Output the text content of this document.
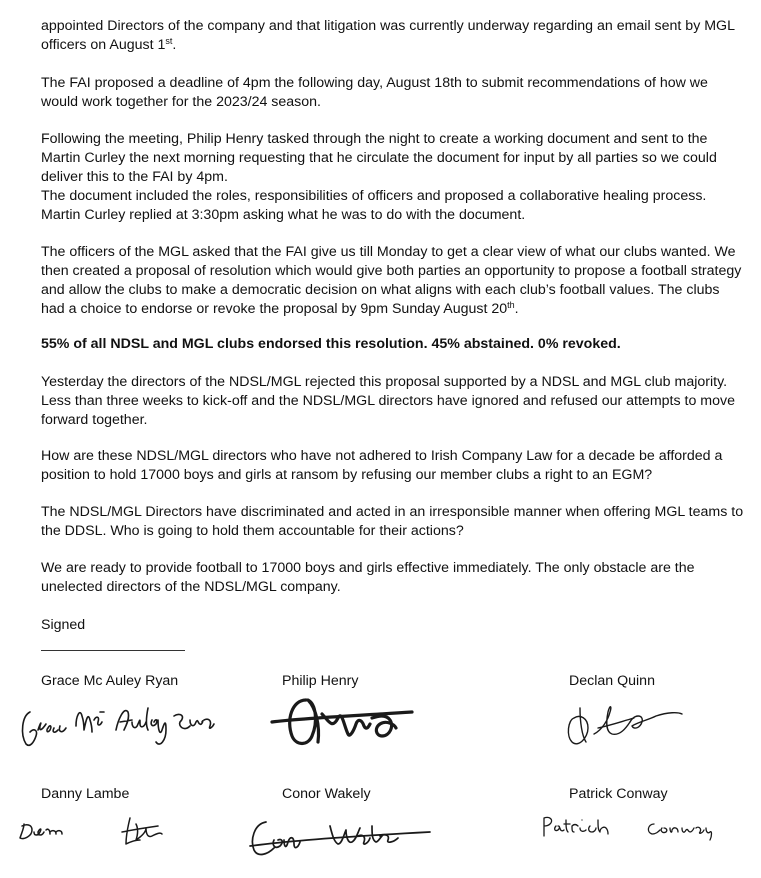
appointed Directors of the company and that litigation was currently underway regarding an email sent by MGL
officers on August 1st.

The FAI proposed a deadline of 4pm the following day, August 18th to submit recommendations of how we would work together for the 2023/24 season.

Following the meeting, Philip Henry tasked through the night to create a working document and sent to the Martin Curley the next morning requesting that he circulate the document for input by all parties so we could deliver this to the FAI by 4pm.

The document included the roles, responsibilities of officers and proposed a collaborative healing process. Martin Curley replied at 3:30pm asking what he was to do with the document.

The officers of the MGL asked that the FAI give us till Monday to get a clear view of what our clubs wanted. We then created a proposal of resolution which would give both parties an opportunity to propose a football strategy and allow the clubs to make a democratic decision on what aligns with each club’s football values. The clubs had a choice to endorse or revoke the proposal by 9pm Sunday August 20th.

55% of all NDSL and MGL clubs endorsed this resolution. 45% abstained. 0% revoked.

Yesterday the directors of the NDSL/MGL rejected this proposal supported by a NDSL and MGL club majority. Less than three weeks to kick-off and the NDSL/MGL directors have ignored and refused our attempts to move forward together.

How are these NDSL/MGL directors who have not adhered to Irish Company Law for a decade be afforded a position to hold 17000 boys and girls at ransom by refusing our member clubs a right to an EGM?

The NDSL/MGL Directors have discriminated and acted in an irresponsible manner when offering MGL teams to the DDSL. Who is going to hold them accountable for their actions?

We are ready to provide football to 17000 boys and girls effective immediately. The only obstacle are the unelected directors of the NDSL/MGL company.

Signed

Grace Mc Auley Ryan	Philip Henry	Declan Quinn
Danny Lambe	Conor Wakely	Patrick Conway
